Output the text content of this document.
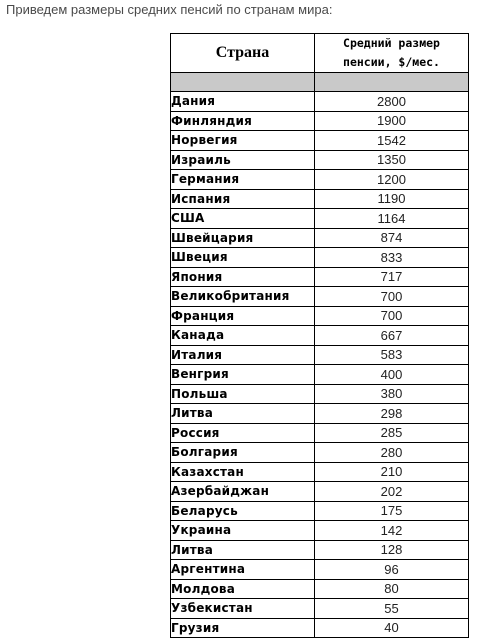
Приведем размеры средних пенсий по странам мира:
Страна	Средний размер
пенсии, $/мес.

Дания	2800
Финляндия	1900
Норвегия	1542
Израиль	1350
Германия	1200
Испания	1190
США	1164
Швейцария	874
Швеция	833
Япония	717
Великобритания	700
Франция	700
Канада	667
Италия	583
Венгрия	400
Польша	380
Литва	298
Россия	285
Болгария	280
Казахстан	210
Азербайджан	202
Беларусь	175
Украина	142
Литва	128
Аргентина	96
Молдова	80
Узбекистан	55
Грузия	40
